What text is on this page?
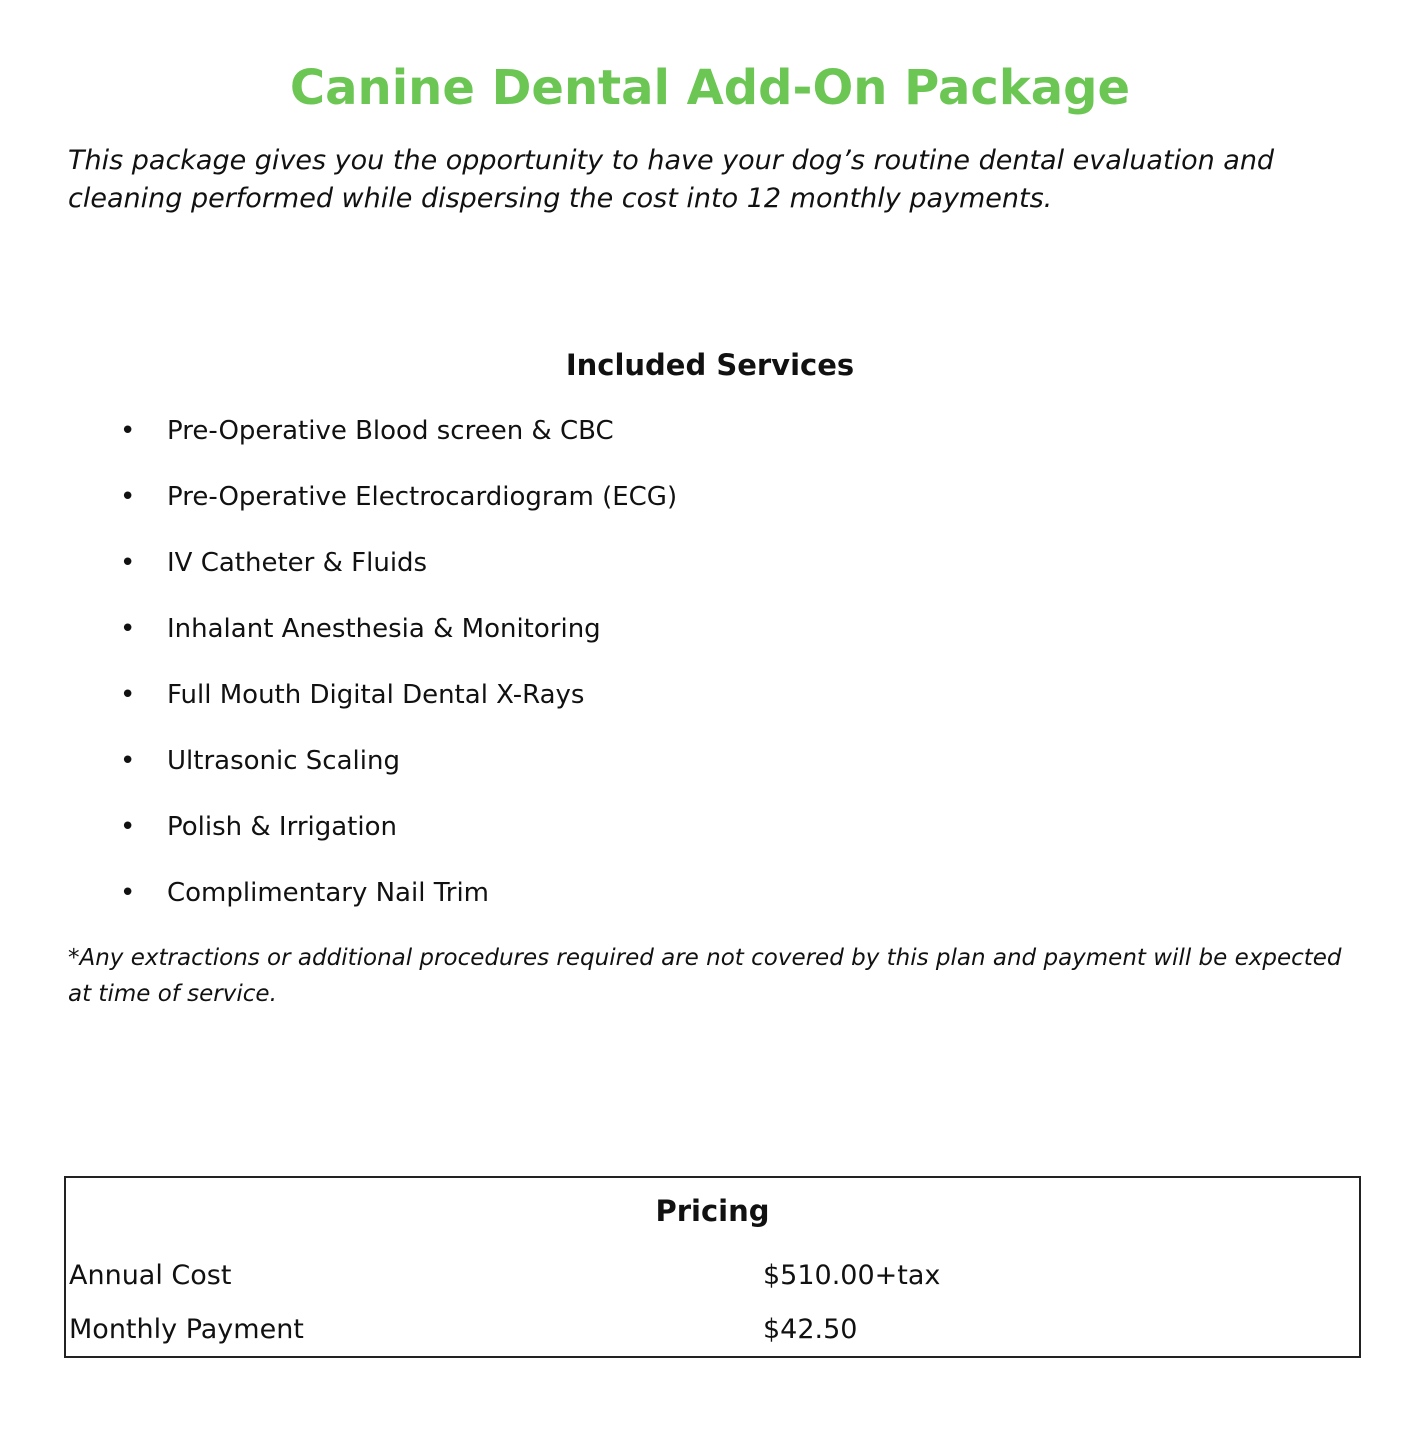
Canine Dental Add-On Package
This package gives you the opportunity to have your dog’s routine dental evaluation and cleaning performed while dispersing the cost into 12 monthly payments.
Included Services
• Pre-Operative Blood screen & CBC
• Pre-Operative Electrocardiogram (ECG)
• IV Catheter & Fluids
• Inhalant Anesthesia & Monitoring
• Full Mouth Digital Dental X-Rays
• Ultrasonic Scaling
• Polish & Irrigation
• Complimentary Nail Trim
*Any extractions or additional procedures required are not covered by this plan and payment will be expected at time of service.
Pricing
Annual Cost	$510.00+tax
Monthly Payment	$42.50
